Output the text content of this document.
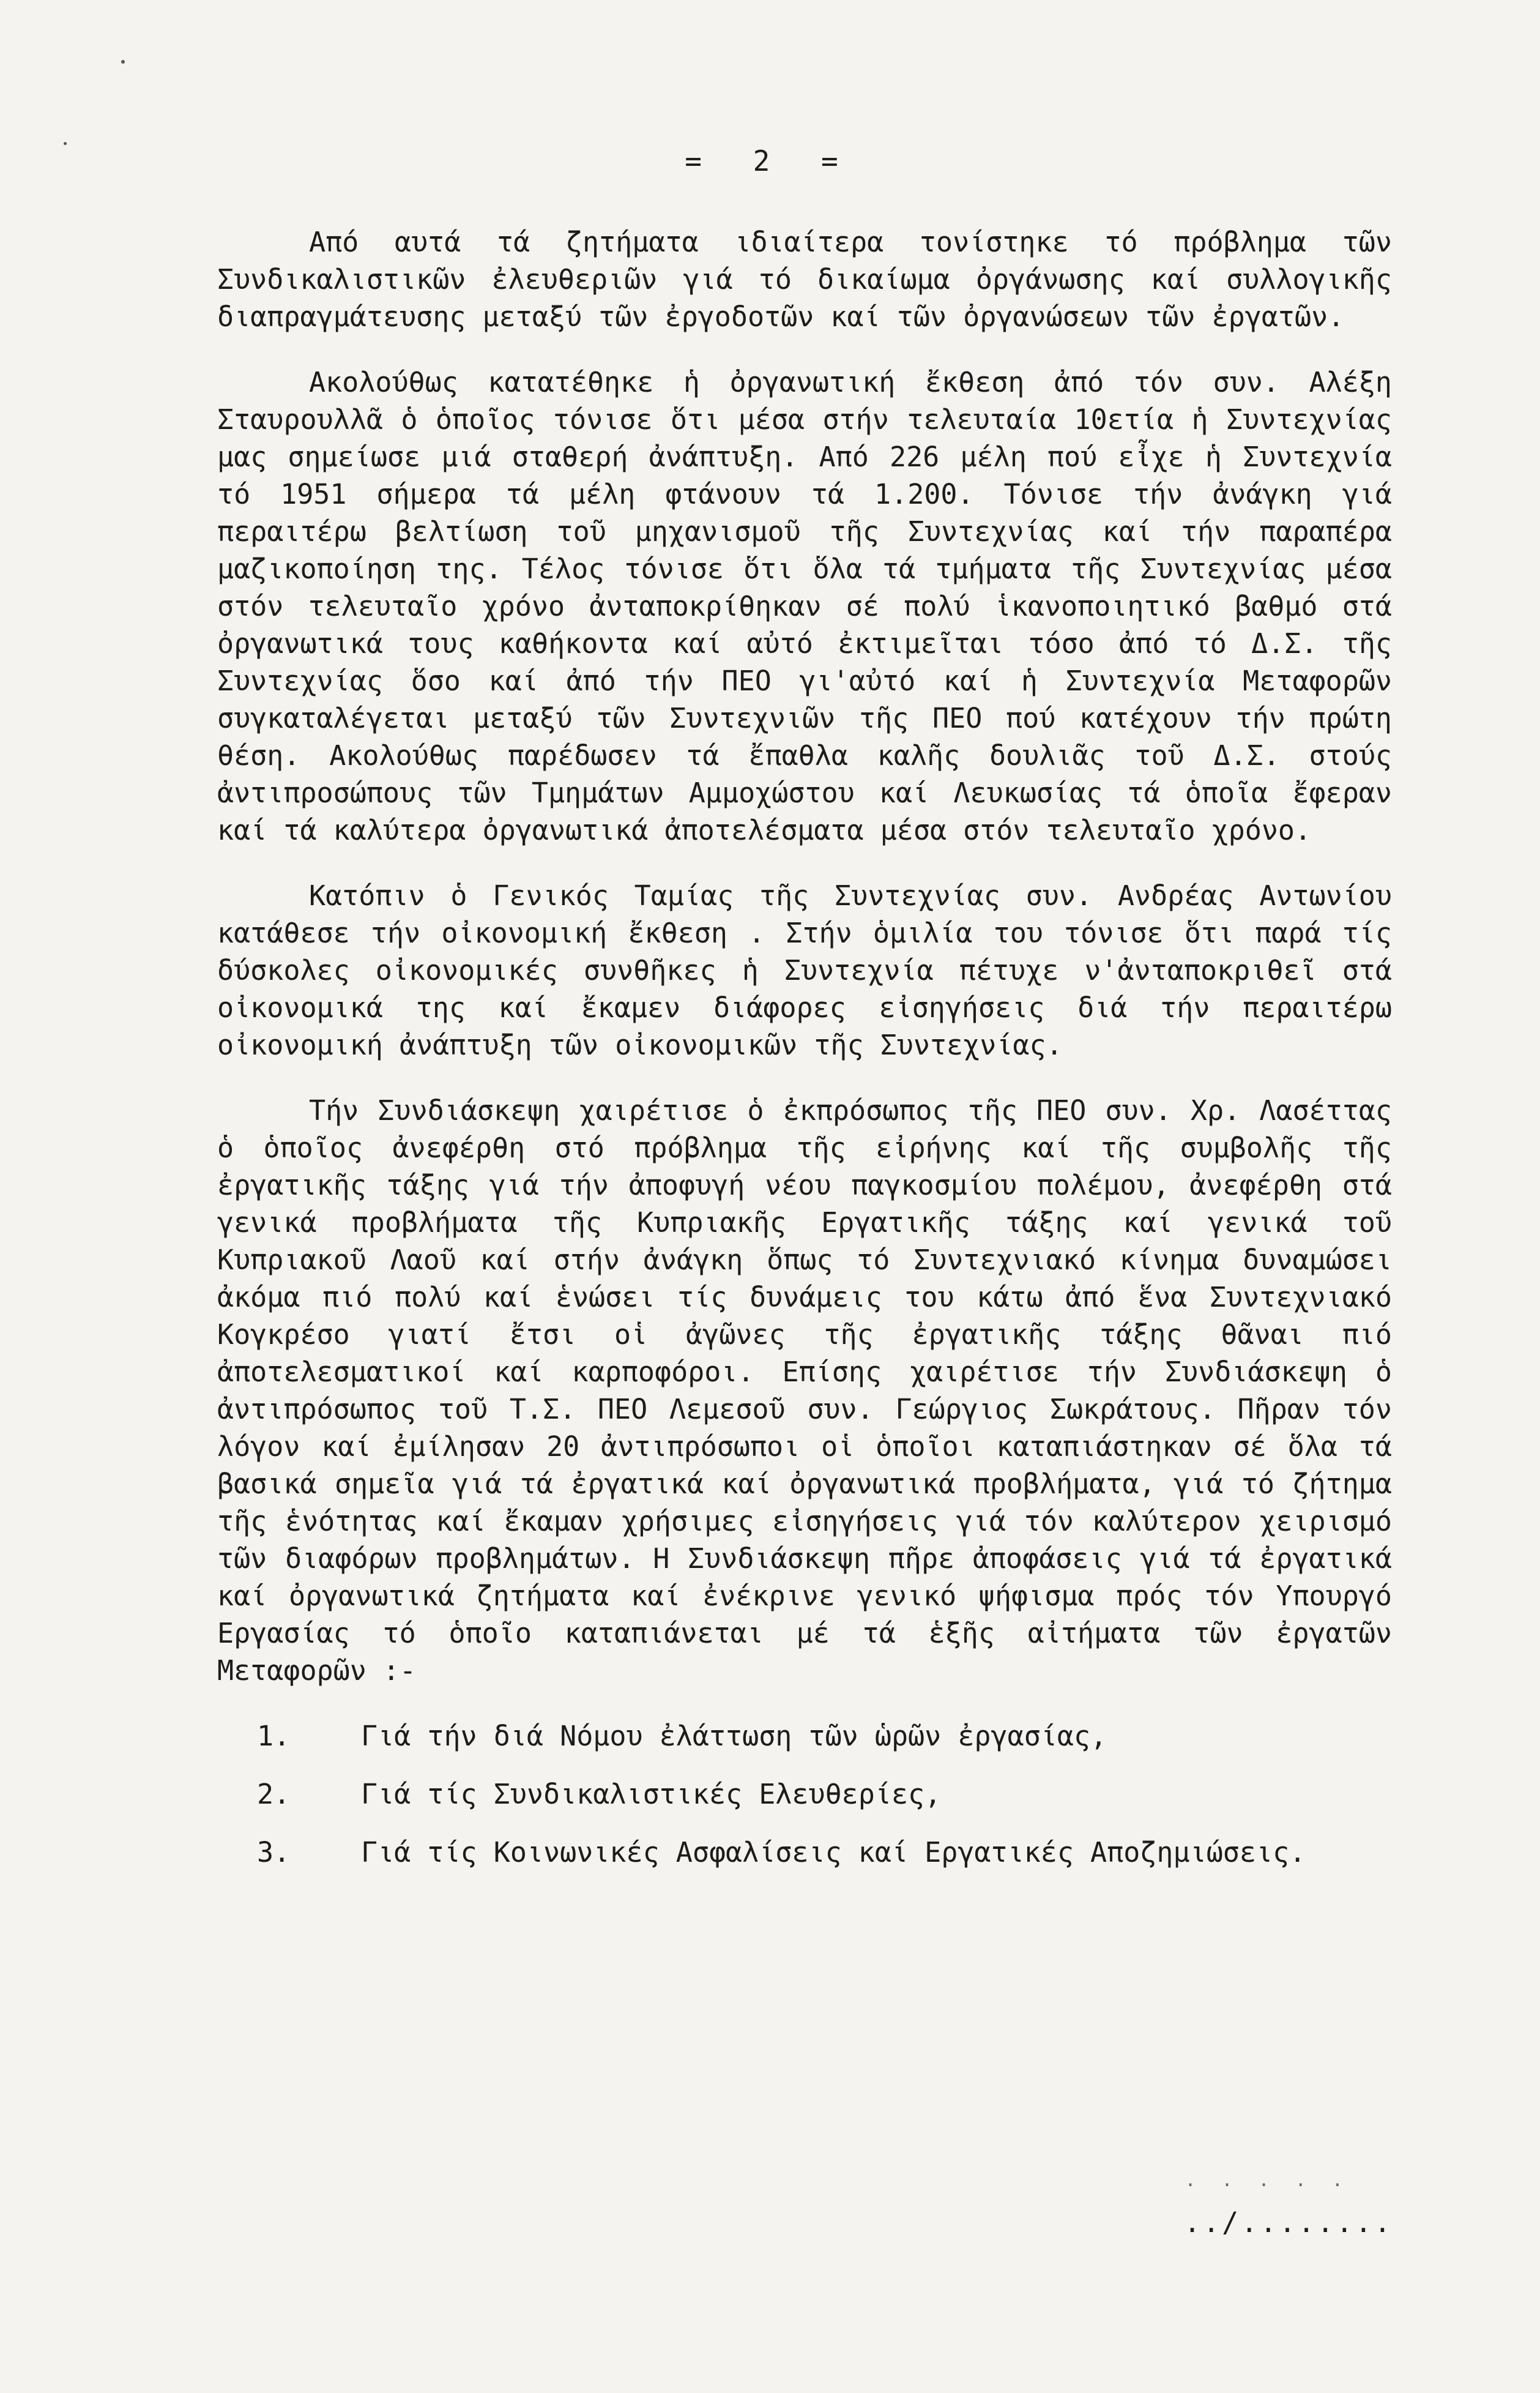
= 2 =

Από αυτά τά ζητήματα ιδιαίτερα τονίστηκε τό πρόβλημα τῶν Συνδικαλιστικῶν ἐλευθεριῶν γιά τό δικαίωμα ὀργάνωσης καί συλλογικῆς διαπραγμάτευσης μεταξύ τῶν ἐργοδοτῶν καί τῶν ὀργανώσεων τῶν ἐργατῶν.

Ακολούθως κατατέθηκε ἡ ὀργανωτική ἔκθεση ἀπό τόν συν. Αλέξη Σταυρουλλᾶ ὁ ὁποῖος τόνισε ὅτι μέσα στήν τελευταία 10ετία ἡ Συντεχνίας μας σημείωσε μιά σταθερή ἀνάπτυξη. Από 226 μέλη πού εἶχε ἡ Συντεχνία τό 1951 σήμερα τά μέλη φτάνουν τά 1.200. Τόνισε τήν ἀνάγκη γιά περαιτέρω βελτίωση τοῦ μηχανισμοῦ τῆς Συντεχνίας καί τήν παραπέρα μαζικοποίηση της. Τέλος τόνισε ὅτι ὅλα τά τμήματα τῆς Συντεχνίας μέσα στόν τελευταῖο χρόνο ἀνταποκρίθηκαν σέ πολύ ἱκανοποιητικό βαθμό στά ὀργανωτικά τους καθήκοντα καί αὐτό ἐκτιμεῖται τόσο ἀπό τό Δ.Σ. τῆς Συντεχνίας ὅσο καί ἀπό τήν ΠΕΟ γι'αὐτό καί ἡ Συντεχνία Μεταφορῶν συγκαταλέγεται μεταξύ τῶν Συντεχνιῶν τῆς ΠΕΟ πού κατέχουν τήν πρώτη θέση. Ακολούθως παρέδωσεν τά ἔπαθλα καλῆς δουλιᾶς τοῦ Δ.Σ. στούς ἀντιπροσώπους τῶν Τμημάτων Αμμοχώστου καί Λευκωσίας τά ὁποῖα ἔφεραν καί τά καλύτερα ὀργανωτικά ἀποτελέσματα μέσα στόν τελευταῖο χρόνο.

Κατόπιν ὁ Γενικός Ταμίας τῆς Συντεχνίας συν. Ανδρέας Αντωνίου κατάθεσε τήν οἰκονομική ἔκθεση . Στήν ὁμιλία του τόνισε ὅτι παρά τίς δύσκολες οἰκονομικές συνθῆκες ἡ Συντεχνία πέτυχε ν'ἀνταποκριθεῖ στά οἰκονομικά της καί ἔκαμεν διάφορες εἰσηγήσεις διά τήν περαιτέρω οἰκονομική ἀνάπτυξη τῶν οἰκονομικῶν τῆς Συντεχνίας.

Τήν Συνδιάσκεψη χαιρέτισε ὁ ἐκπρόσωπος τῆς ΠΕΟ συν. Χρ. Λασέττας ὁ ὁποῖος ἀνεφέρθη στό πρόβλημα τῆς εἰρήνης καί τῆς συμβολῆς τῆς ἐργατικῆς τάξης γιά τήν ἀποφυγή νέου παγκοσμίου πολέμου, ἀνεφέρθη στά γενικά προβλήματα τῆς Κυπριακῆς Εργατικῆς τάξης καί γενικά τοῦ Κυπριακοῦ Λαοῦ καί στήν ἀνάγκη ὅπως τό Συντεχνιακό κίνημα δυναμώσει ἀκόμα πιό πολύ καί ἑνώσει τίς δυνάμεις του κάτω ἀπό ἕνα Συντεχνιακό Κογκρέσο γιατί ἔτσι οἱ ἀγῶνες τῆς ἐργατικῆς τάξης θᾶναι πιό ἀποτελεσματικοί καί καρποφόροι. Επίσης χαιρέτισε τήν Συνδιάσκεψη ὁ ἀντιπρόσωπος τοῦ Τ.Σ. ΠΕΟ Λεμεσοῦ συν. Γεώργιος Σωκράτους. Πῆραν τόν λόγον καί ἐμίλησαν 20 ἀντιπρόσωποι οἱ ὁποῖοι καταπιάστηκαν σέ ὅλα τά βασικά σημεῖα γιά τά ἐργατικά καί ὀργανωτικά προβλήματα, γιά τό ζήτημα τῆς ἑνότητας καί ἔκαμαν χρήσιμες εἰσηγήσεις γιά τόν καλύτερον χειρισμό τῶν διαφόρων προβλημάτων. Η Συνδιάσκεψη πῆρε ἀποφάσεις γιά τά ἐργατικά καί ὀργανωτικά ζητήματα καί ἐνέκρινε γενικό ψήφισμα πρός τόν Υπουργό Εργασίας τό ὁποῖο καταπιάνεται μέ τά ἑξῆς αἰτήματα τῶν ἐργατῶν Μεταφορῶν :-

1.	Γιά τήν διά Νόμου ἐλάττωση τῶν ὡρῶν ἐργασίας,
2.	Γιά τίς Συνδικαλιστικές Ελευθερίες,
3.	Γιά τίς Κοινωνικές Ασφαλίσεις καί Εργατικές Αποζημιώσεις.
. . . . .
../........
